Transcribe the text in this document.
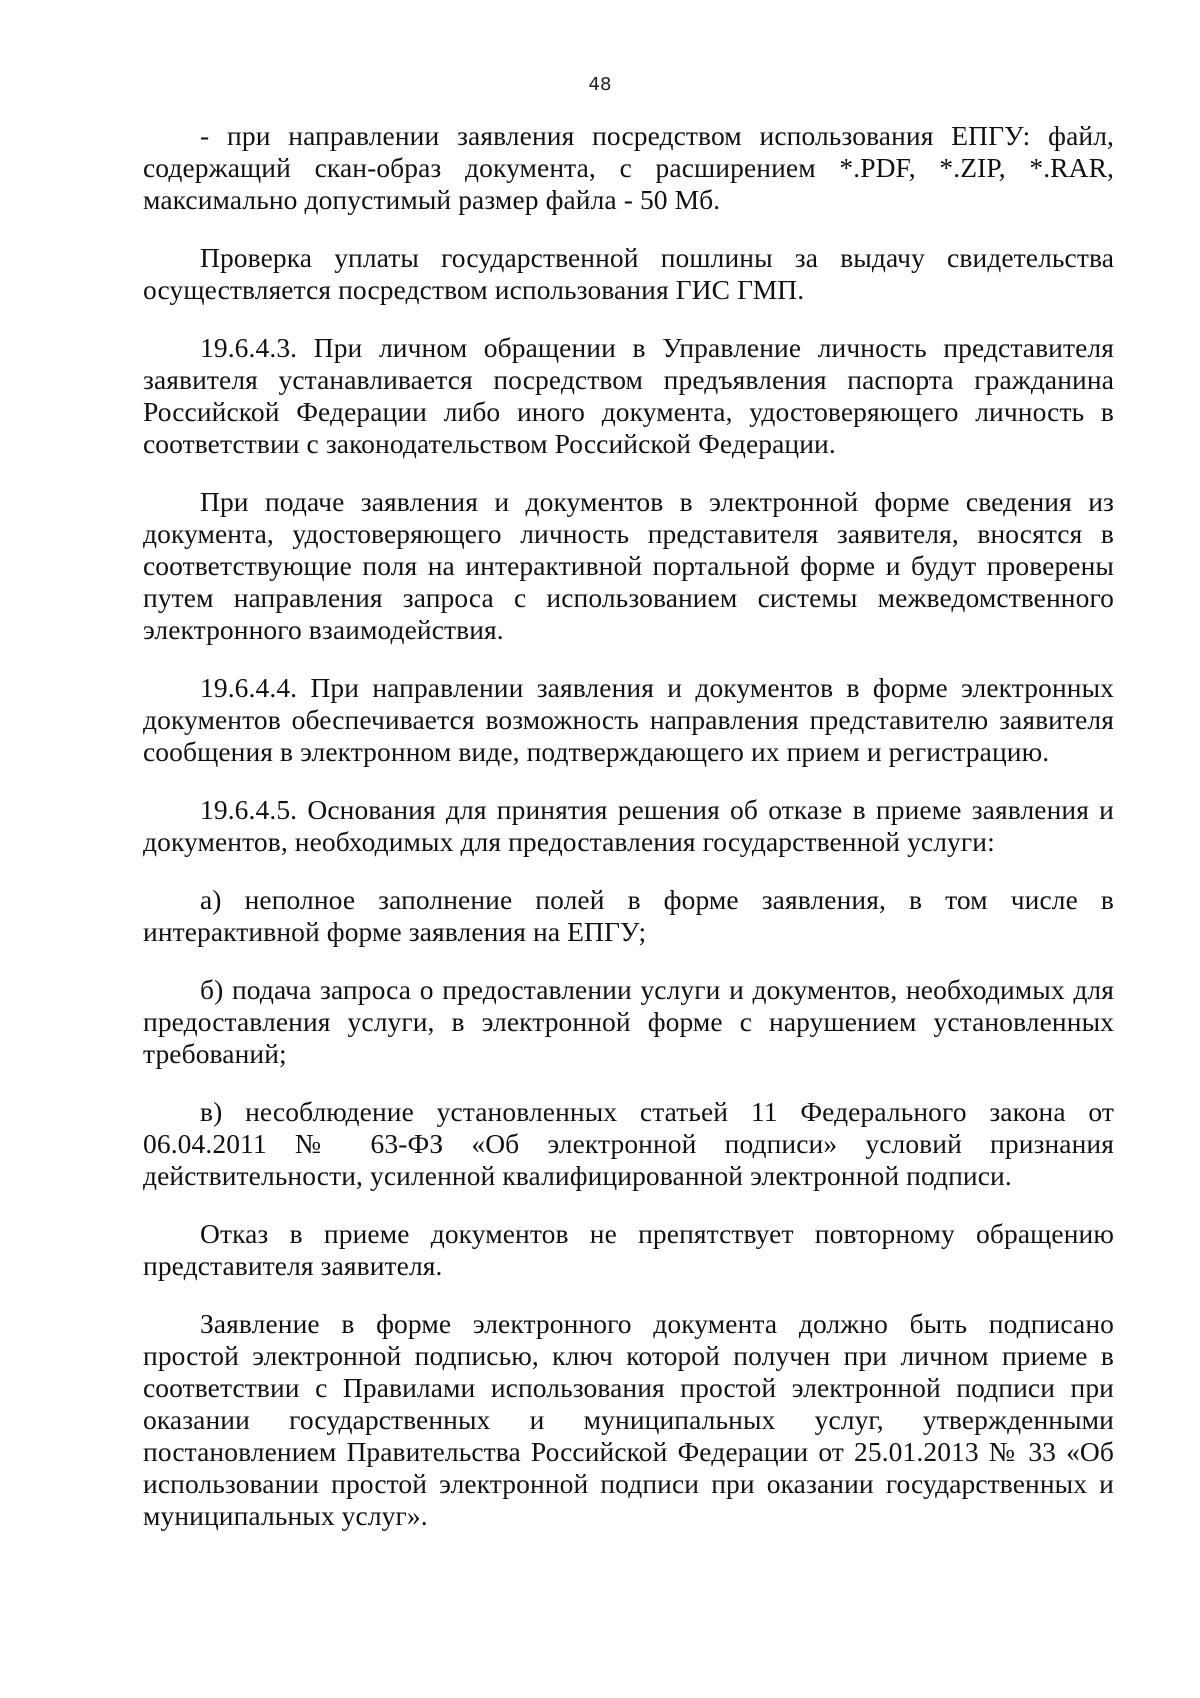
48

- при направлении заявления посредством использования ЕПГУ: файл, содержащий скан-образ документа, с расширением *.PDF, *.ZIP, *.RAR, максимально допустимый размер файла - 50 Мб.

Проверка уплаты государственной пошлины за выдачу свидетельства осуществляется посредством использования ГИС ГМП.

19.6.4.3. При личном обращении в Управление личность представителя заявителя устанавливается посредством предъявления паспорта гражданина Российской Федерации либо иного документа, удостоверяющего личность в соответствии с законодательством Российской Федерации.

При подаче заявления и документов в электронной форме сведения из документа, удостоверяющего личность представителя заявителя, вносятся в соответствующие поля на интерактивной портальной форме и будут проверены путем направления запроса с использованием системы межведомственного электронного взаимодействия.

19.6.4.4. При направлении заявления и документов в форме электронных документов обеспечивается возможность направления представителю заявителя сообщения в электронном виде, подтверждающего их прием и регистрацию.

19.6.4.5. Основания для принятия решения об отказе в приеме заявления и документов, необходимых для предоставления государственной услуги:

а) неполное заполнение полей в форме заявления, в том числе в интерактивной форме заявления на ЕПГУ;

б) подача запроса о предоставлении услуги и документов, необходимых для предоставления услуги, в электронной форме с нарушением установленных требований;

в) несоблюдение установленных статьей 11 Федерального закона от 06.04.2011 № 63-ФЗ «Об электронной подписи» условий признания действительности, усиленной квалифицированной электронной подписи.

Отказ в приеме документов не препятствует повторному обращению представителя заявителя.

Заявление в форме электронного документа должно быть подписано простой электронной подписью, ключ которой получен при личном приеме в соответствии с Правилами использования простой электронной подписи при оказании государственных и муниципальных услуг, утвержденными постановлением Правительства Российской Федерации от 25.01.2013 № 33 «Об использовании простой электронной подписи при оказании государственных и муниципальных услуг».
